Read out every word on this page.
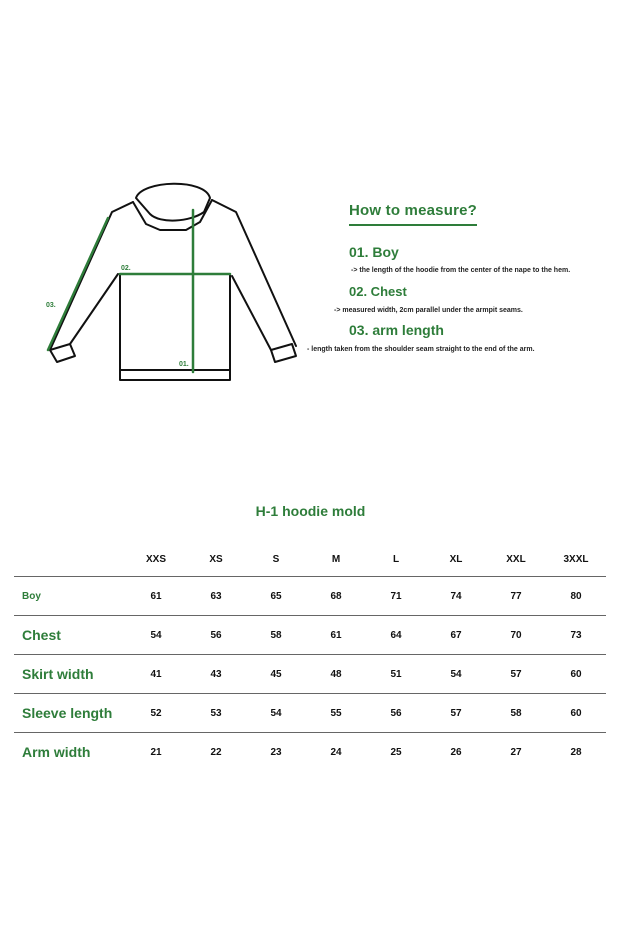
02.
03.
01.
How to measure?
01. Boy
-> the length of the hoodie from the center of the nape to the hem.
02. Chest
-> measured width, 2cm parallel under the armpit seams.
03. arm length
- length taken from the shoulder seam straight to the end of the arm.
H-1 hoodie mold
	XXS	XS	S	M	L	XL	XXL	3XXL
Boy	61	63	65	68	71	74	77	80
Chest	54	56	58	61	64	67	70	73
Skirt width	41	43	45	48	51	54	57	60
Sleeve length	52	53	54	55	56	57	58	60
Arm width	21	22	23	24	25	26	27	28
